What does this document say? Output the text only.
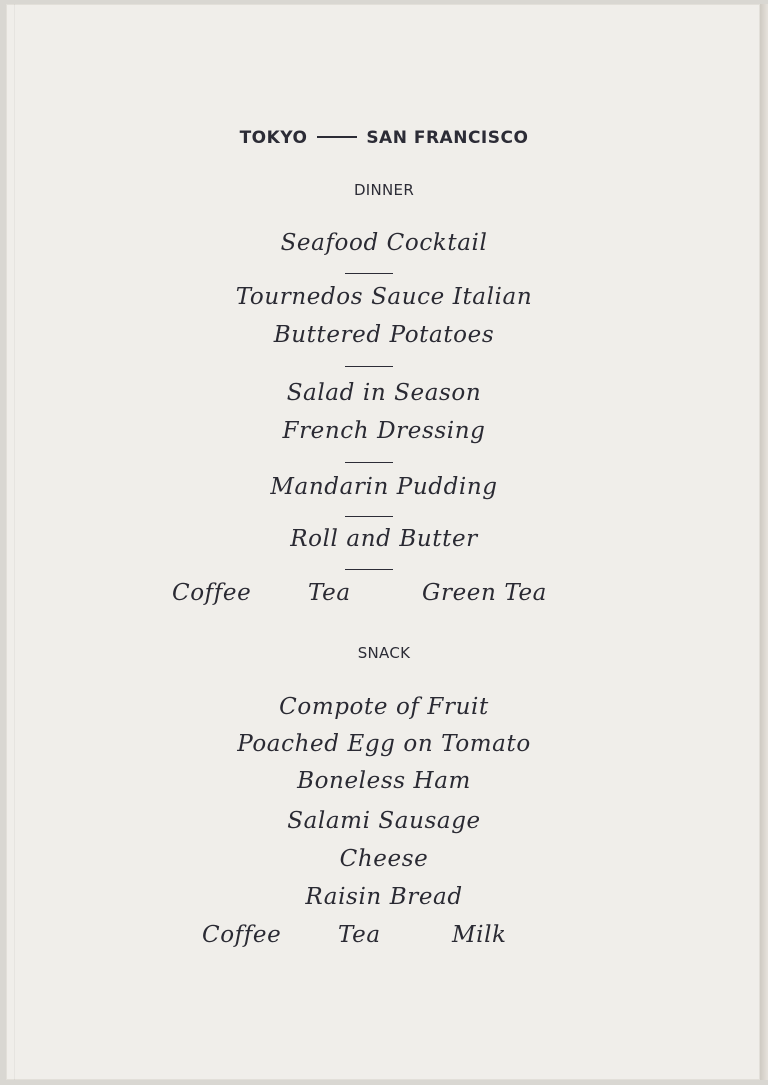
TOKYO	SAN FRANCISCO
DINNER
Seafood Cocktail
Tournedos Sauce Italian
Buttered Potatoes
Salad in Season
French Dressing
Mandarin Pudding
Roll and Butter
Coffee Tea	Green Tea
SNACK
Compote of Fruit
Poached Egg on Tomato
Boneless Ham
Salami Sausage
Cheese
Raisin Bread
Coffee Tea	Milk
